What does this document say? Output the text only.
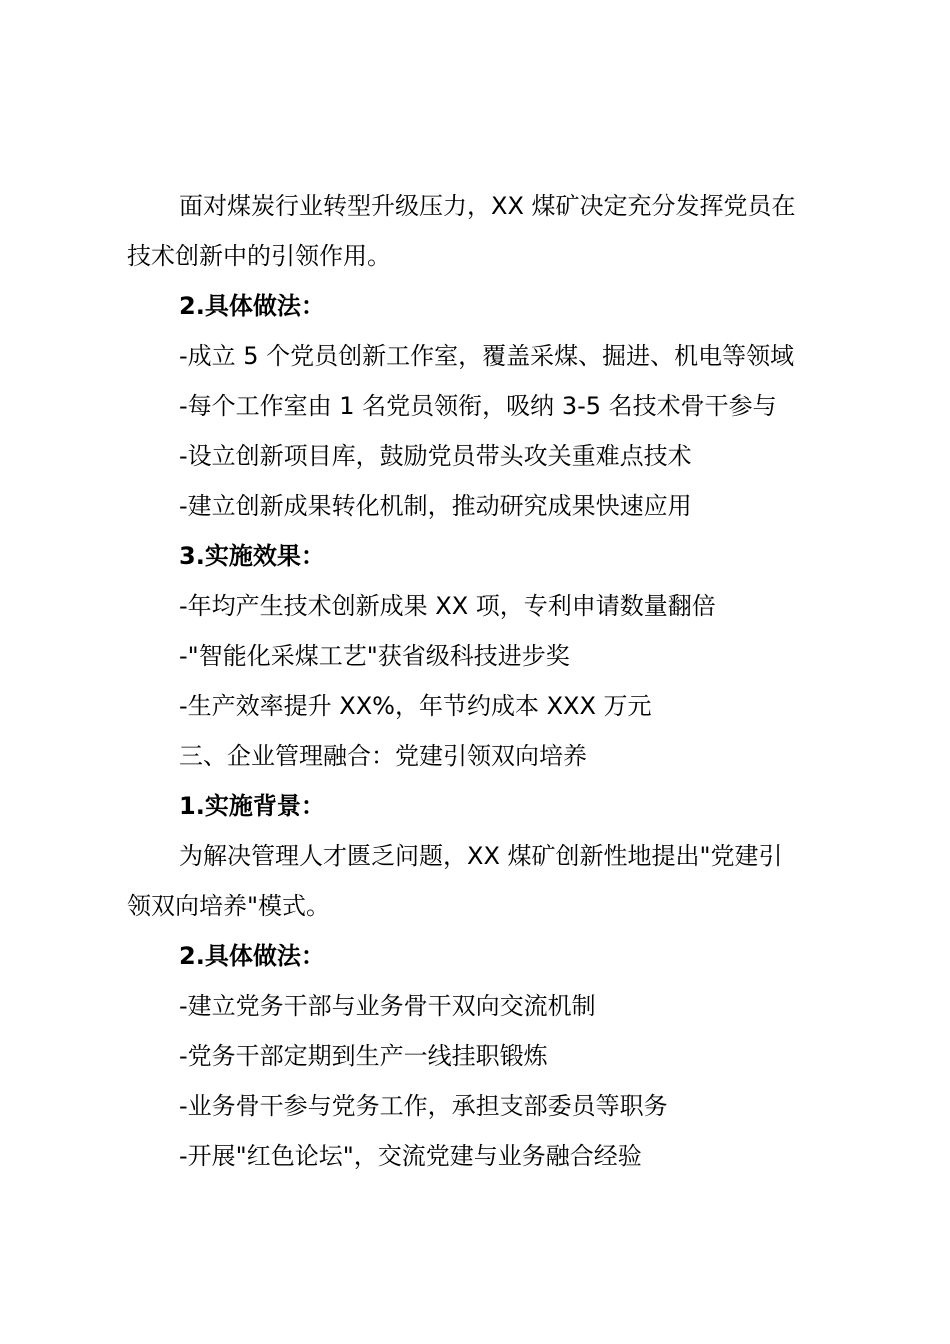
面对煤炭行业转型升级压力，XX 煤矿决定充分发挥党员在
技术创新中的引领作用。
2.具体做法：
-成立 5 个党员创新工作室，覆盖采煤、掘进、机电等领域
-每个工作室由 1 名党员领衔，吸纳 3-5 名技术骨干参与
-设立创新项目库，鼓励党员带头攻关重难点技术
-建立创新成果转化机制，推动研究成果快速应用
3.实施效果：
-年均产生技术创新成果 XX 项，专利申请数量翻倍
-"智能化采煤工艺"获省级科技进步奖
-生产效率提升 XX%，年节约成本 XXX 万元
三、企业管理融合：党建引领双向培养
1.实施背景：
为解决管理人才匮乏问题，XX 煤矿创新性地提出"党建引
领双向培养"模式。
2.具体做法：
-建立党务干部与业务骨干双向交流机制
-党务干部定期到生产一线挂职锻炼
-业务骨干参与党务工作，承担支部委员等职务
-开展"红色论坛"，交流党建与业务融合经验
